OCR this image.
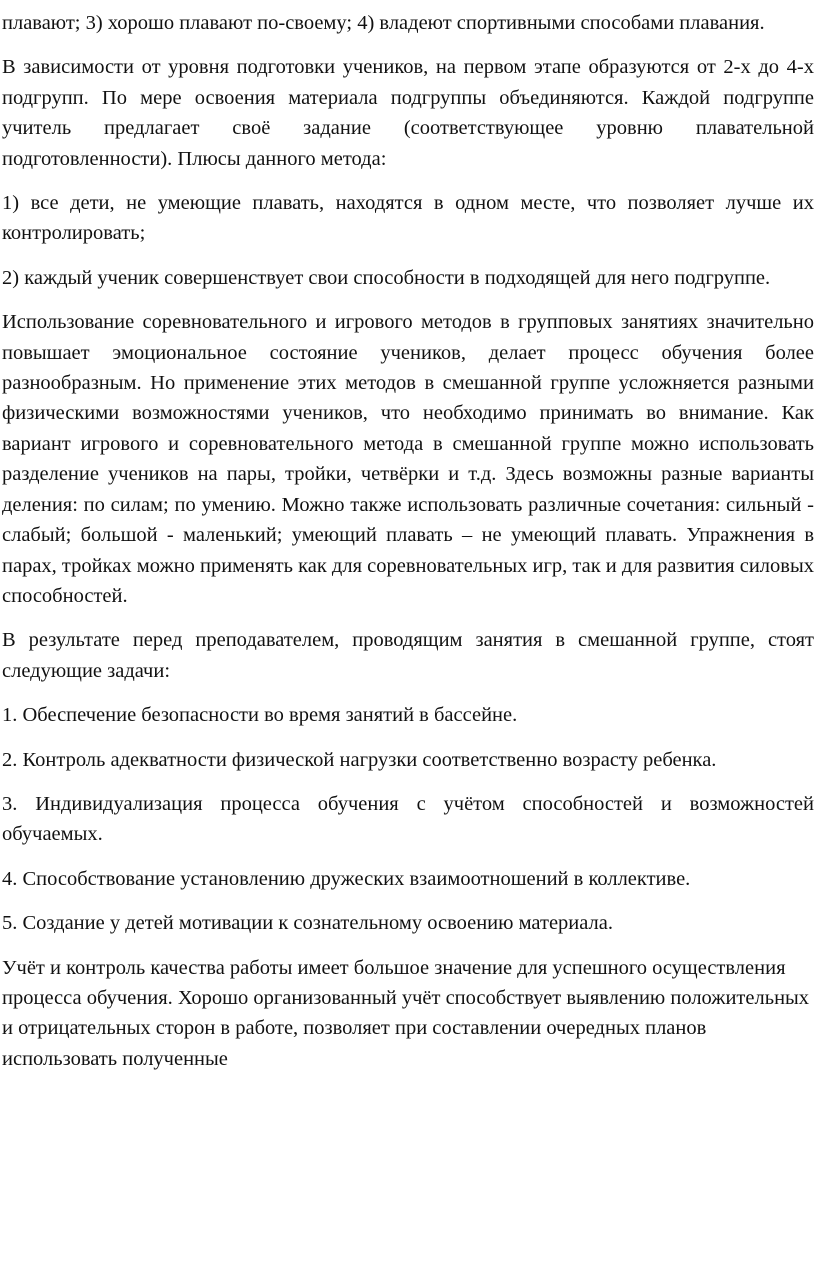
плавают; 3) хорошо плавают по-своему; 4) владеют спортивными способами плавания.

В зависимости от уровня подготовки учеников, на первом этапе образуются от 2-х до 4-х подгрупп. По мере освоения материала подгруппы объединяются. Каждой подгруппе учитель предлагает своё задание (соответствующее уровню плавательной подготовленности). Плюсы данного метода:

1) все дети, не умеющие плавать, находятся в одном месте, что позволяет лучше их контролировать;

2) каждый ученик совершенствует свои способности в подходящей для него подгруппе.

Использование соревновательного и игрового методов в групповых занятиях значительно повышает эмоциональное состояние учеников, делает процесс обучения более разнообразным. Но применение этих методов в смешанной группе усложняется разными физическими возможностями учеников, что необходимо принимать во внимание. Как вариант игрового и соревновательного метода в смешанной группе можно использовать разделение учеников на пары, тройки, четвёрки и т.д. Здесь возможны разные варианты деления: по силам; по умению. Можно также использовать различные сочетания: сильный - слабый; большой - маленький; умеющий плавать – не умеющий плавать. Упражнения в парах, тройках можно применять как для соревновательных игр, так и для развития силовых способностей.

В результате перед преподавателем, проводящим занятия в смешанной группе, стоят следующие задачи:

1. Обеспечение безопасности во время занятий в бассейне.

2. Контроль адекватности физической нагрузки соответственно возрасту ребенка.

3. Индивидуализация процесса обучения с учётом способностей и возможностей обучаемых.

4. Способствование установлению дружеских взаимоотношений в коллективе.

5. Создание у детей мотивации к сознательному освоению материала.

Учёт и контроль качества работы имеет большое значение для успешного осуществления процесса обучения. Хорошо организованный учёт способствует выявлению положительных и отрицательных сторон в работе, позволяет при составлении очередных планов использовать полученные
